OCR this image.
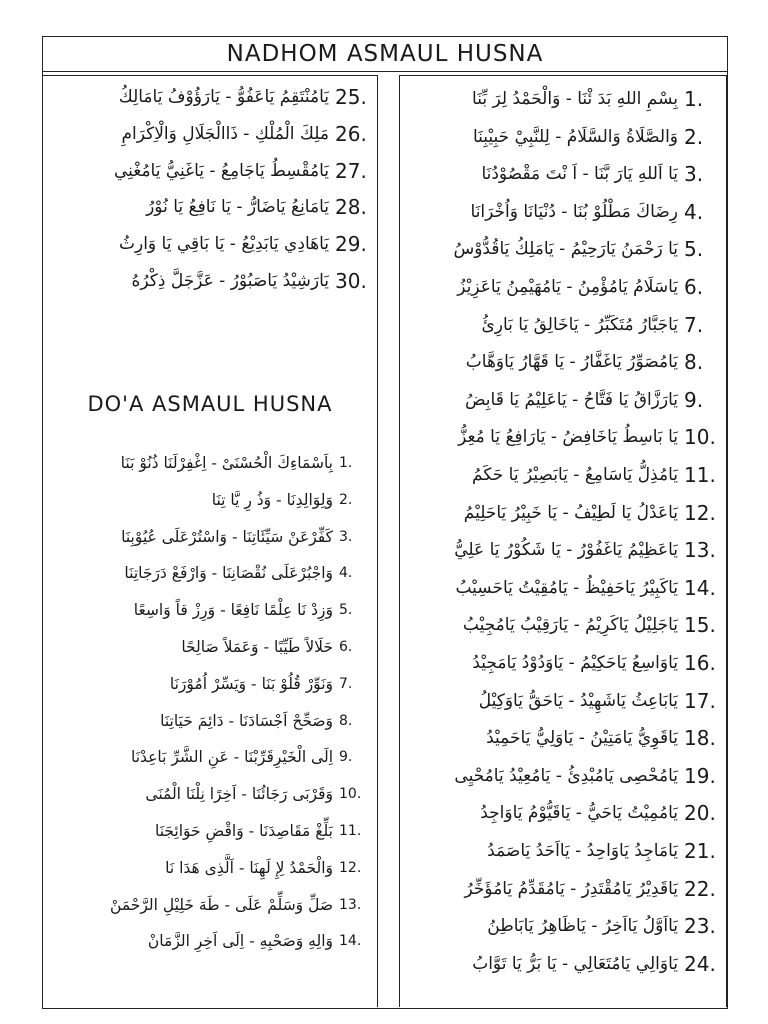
NADHOM ASMAUL HUSNA
بِسْمِ اللهِ بَدَ ئْنَا - وَالْحَمْدُ لِرَ بِّنَا 1.
وَالصَّلَاةُ وَالسَّلَامُ - لِلنَّبِيْ حَبِيْبِنَا 2.
يَا اَللهِ يَارَ بَّنَا - اَ نْتَ مَقْصُوْدُنَا 3.
رِضَاكَ مَطْلُوْ بُنَا - دُنْيَانَا وَاُخْرَانَا 4.
يَا رَحْمَنُ يَارَحِيْمُ - يَامَلِكُ يَاقُدُّوْسُ 5.
يَاسَلَامُ يَامُؤْمِنُ - يَامُهَيْمِنُ يَاعَزِيْزُ 6.
يَاجَبَّارُ مُتَكَبِّرُ - يَاخَالِقُ يَا بَارِئُ 7.
يَامُصَوِّرُ يَاغَفَّارُ - يَا قَهَّارُ يَاوَهَّابُ 8.
يَارَزَّاقُ يَا فَتَّاحُ - يَاعَلِيْمُ يَا قَابِضُ 9.
يَا بَاسِطُ يَاخَافِضُ - يَارَافِعُ يَا مُعِزُّ 10.
يَامُذِلُّ يَاسَامِعُ - يَابَصِيْرُ يَا حَكَمُ 11.
يَاعَدْلُ يَا لَطِيْفُ - يَا خَبِيْرُ يَاحَلِيْمُ 12.
يَاعَظِيْمُ يَاغَفُوْرُ - يَا شَكُوْرُ يَا عَلِيُّ 13.
يَاكَبِيْرُ يَاحَفِيْظُ - يَامُقِيْتُ يَاحَسِيْبُ 14.
يَاجَلِيْلُ يَاكَرِيْمُ - يَارَقِيْبُ يَامُجِيْبُ 15.
يَاوَاسِعُ يَاحَكِيْمُ - يَاوَدُوْدُ يَامَجِيْدُ 16.
يَابَاعِثُ يَاشَهِيْدُ - يَاحَقُّ يَاوَكِيْلُ 17.
يَاقَوِيُّ يَامَتِيْنُ - يَاوَلِيُّ يَاحَمِيْدُ 18.
يَامُحْصِى يَامُبْدِئُ - يَامُعِيْدُ يَامُحْيِى 19.
يَامُمِيْتُ يَاحَيُّ - يَاقَيُّوْمُ يَاوَاجِدُ 20.
يَامَاجِدُ يَاوَاحِدُ - يَااَحَدُ يَاصَمَدُ 21.
يَاقَدِيْرُ يَامُقْتَدِرُ - يَامُقَدِّمُ يَامُؤَخِّرُ 22.
يَااَوَّلُ يَااَخِرُ - يَاظَاهِرُ يَابَاطِنُ 23.
يَاوَالِي يَامُتَعَالِي - يَا بَرُّ يَا تَوَّابُ 24.
DO'A ASMAUL HUSNA
يَامُنْتَقِمُ يَاعَفُوُّ - يَارَؤُوْفُ يَامَالِكُ 25.
مَلِكَ الْمُلْكِ - ذَاالْجَلَالِ وَالْاِكْرَامِ 26.
يَامُقْسِطُ يَاجَامِعُ - يَاغَنِيُّ يَامُغْنِي 27.
يَامَانِعُ يَاضَارُّ - يَا نَافِعُ يَا نُوْرُ 28.
يَاهَادِي يَابَدِيْعُ - يَا بَاقِي يَا وَارِثُ 29.
يَارَشِيْدُ يَاصَبُوْرُ - عَزَّجَلَّ ذِكْرُهُ 30.
بِاَسْمَاءِكَ الْحُسْنَىْ - اِغْفِرْلَنَا ذُنُوْ بَنَا 1.
وَلِوَالِدِنَا - وَذُ رِ يَّا تِنَا 2.
كَفِّرْعَنْ سَيِّئَاتِنَا - وَاسْتُرْعَلَى عُيُوْبِنَا 3.
وَاجْبُرْعَلَى نُقْصَانِنَا - وَارْفَعْ دَرَجَاتِنَا 4.
وَزِدْ نَا عِلْمًا نَافِعًا - وَرِزْ قاً وَاسِعًا 5.
حَلَالاً طَيِّبًا - وَعَمَلاً صَالِحًا 6.
وَنَوِّرْ قُلُوْ بَنَا - وَيَسِّرْ اُمُوْرَنَا 7.
وَصَحِّحْ اَجْسَادَنَا - دَائِمَ حَيَاتِنَا 8.
اِلَى الْخَيْرِقَرِّبْنَا - عَنِ الشَّرِّ بَاعِدْنَا 9.
وَقَرْبَى رَجَائُنَا - اَخِرًا نِلْنَا الْمُنَى 10.
بَلِّغْ مَقَاصِدَنَا - وَاقْضِ حَوَائِجَنَا 11.
وَالْحَمْدُ لِإِ لَهِنَا - اَلَّذِى هَدَا نَا 12.
صَلِّ وَسَلِّمْ عَلَى - طَهَ خَلِيْلِ الرَّحْمَنْ 13.
وَالِهِ وَصَحْبِهِ - اِلَى اَخِرِ الزَّمَانْ 14.
